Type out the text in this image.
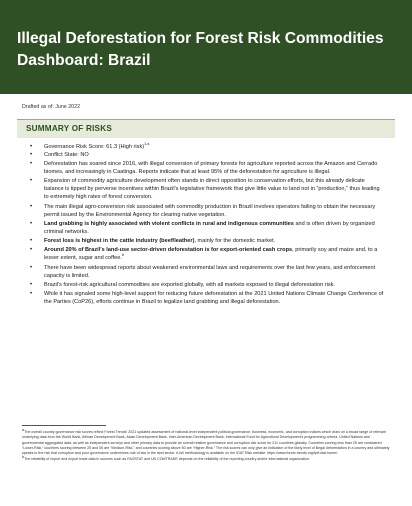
Illegal Deforestation for Forest Risk Commodities
Dashboard: Brazil
Drafted as of: June 2022
SUMMARY OF RISKS
• Governance Risk Score: 61.3 (High risk)$^{1,a}$
• Conflict State: NO
• Deforestation has soared since 2016, with illegal conversion of primary forests for agriculture reported across the Amazon and Cerrado biomes, and increasingly in Caatinga. Reports indicate that at least 95% of the deforestation for agriculture is illegal.
• Expansion of commodity agriculture development often stands in direct opposition to conservation efforts, but this already delicate balance is tipped by perverse incentives within Brazil's legislative framework that give little value to land not in “production,” thus leading to extremely high rates of forest conversion.
• The main illegal agro-conversion risk associated with commodity production in Brazil involves operators failing to obtain the necessary permit issued by the Environmental Agency for clearing native vegetation.
• Land grabbing is highly associated with violent conflicts in rural and indigenous communities and is often driven by organized criminal networks.
• Forest loss is highest in the cattle industry (beef/leather), mainly for the domestic market.
• Around 20% of Brazil's land-use sector-driven deforestation is for export-oriented cash crops, primarily soy and maize and, to a lesser extent, sugar and coffee.$^b$
• There have been widespread reports about weakened environmental laws and requirements over the last few years, and enforcement capacity is limited.
• Brazil's forest-risk agricultural commodities are exported globally, with all markets exposed to illegal deforestation risk.
• While it has signaled some high-level support for reducing future deforestation at the 2021 United Nations Climate Change Conference of the Parties (CoP26), efforts continue in Brazil to legalize land grabbing and illegal deforestation.

aThe overall country governance risk scores reflect Forest Trends' 2021 updated assessment of national-level independent political governance, business, economic, and corruption indices which draw on a broad range of relevant underlying data from the World Bank, African Development Bank, Asian Development Bank, Inter-American Development Bank, International Fund for Agricultural Development's programming criteria, United Nations and governmental aggregated data, as well as independent surveys and other primary data to provide an overall relative governance and corruption risk score for 211 countries globally. Countries scoring less than 25 are considered “Lower-Risk,” countries scoring between 25 and 50 are “Medium-Risk,” and countries scoring above 50 are “Higher-Risk.” The risk scores can only give an indication of the likely level of illegal deforestation in a country and ultimately speaks to the risk that corruption and poor governance undermines rule of law in the land sector. A full methodology is available on the IDAT Risk website: https://www.forest-trends.org/fptf-idat-home/.

bThe reliability of import and export trade data in sources such as FAOSTAT and UN COMTRADE depends on the reliability of the reporting country and/or international organization.
